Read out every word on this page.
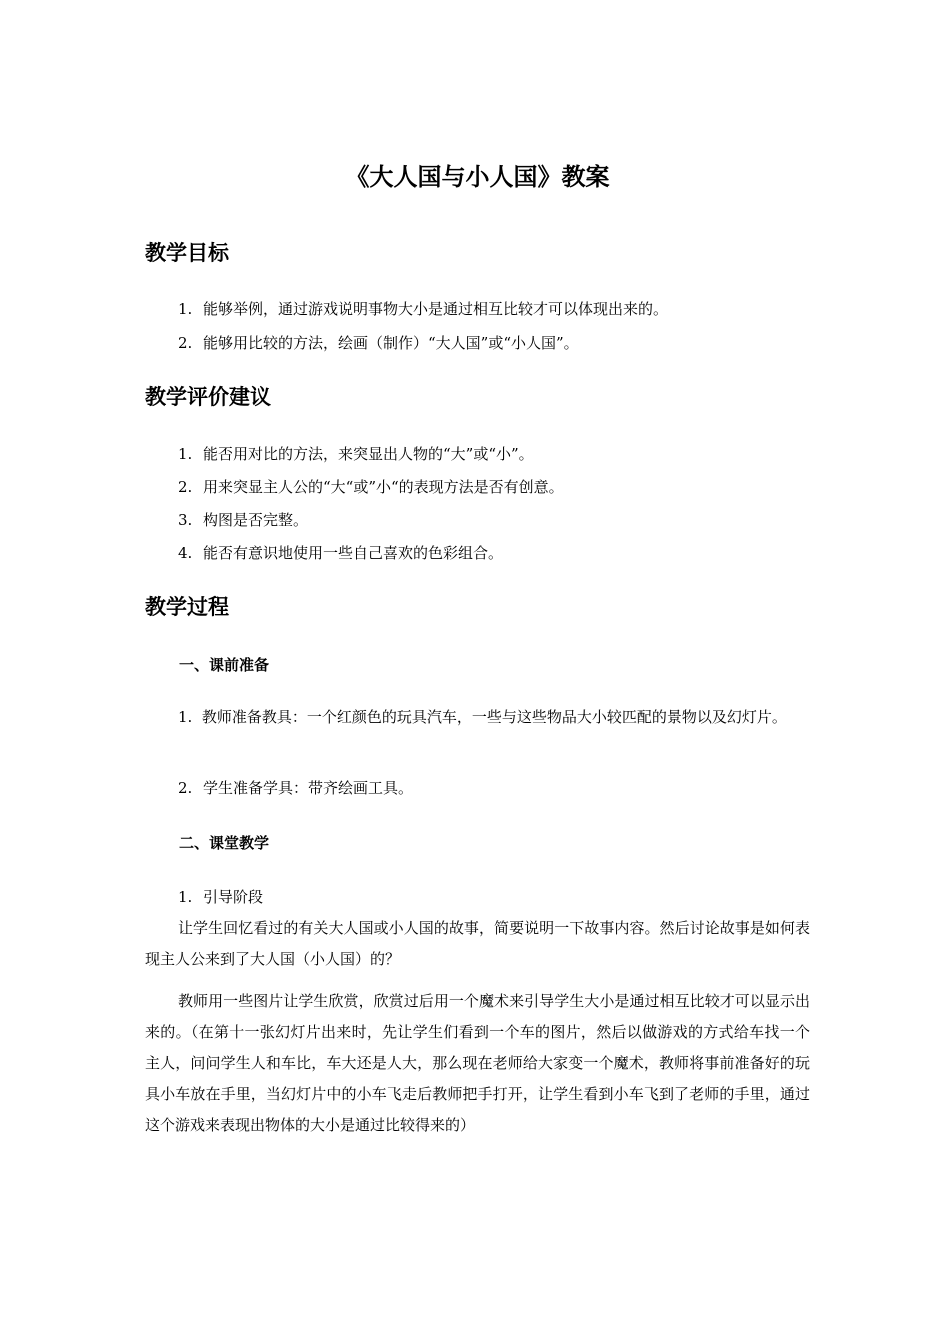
《大人国与小人国》教案
教学目标
1. 能够举例，通过游戏说明事物大小是通过相互比较才可以体现出来的。
2. 能够用比较的方法，绘画（制作）“大人国”或“小人国”。
教学评价建议
1. 能否用对比的方法，来突显出人物的“大”或“小”。
2. 用来突显主人公的“大“或”小“的表现方法是否有创意。
3. 构图是否完整。
4. 能否有意识地使用一些自己喜欢的色彩组合。
教学过程
一、课前准备
1.  教师准备教具：一个红颜色的玩具汽车，一些与这些物品大小较匹配的景物以及幻灯片。
2. 学生准备学具：带齐绘画工具。
二、课堂教学
1. 引导阶段

让学生回忆看过的有关大人国或小人国的故事，简要说明一下故事内容。然后讨论故事是如何表现主人公来到了大人国（小人国）的？

教师用一些图片让学生欣赏，欣赏过后用一个魔术来引导学生大小是通过相互比较才可以显示出来的。（在第十一张幻灯片出来时，先让学生们看到一个车的图片，然后以做游戏的方式给车找一个主人，问问学生人和车比，车大还是人大，那么现在老师给大家变一个魔术，教师将事前准备好的玩具小车放在手里，当幻灯片中的小车飞走后教师把手打开，让学生看到小车飞到了老师的手里，通过这个游戏来表现出物体的大小是通过比较得来的）
